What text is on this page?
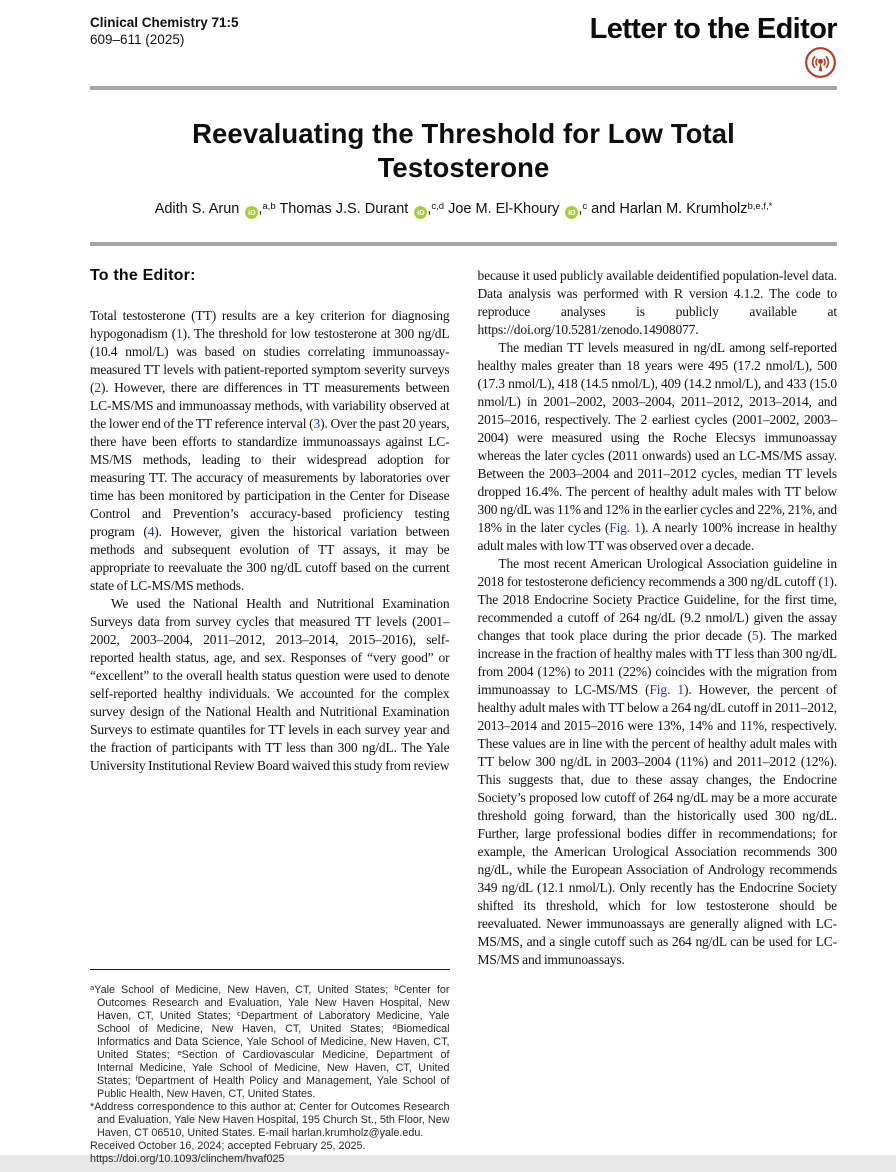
Clinical Chemistry 71:5
609–611 (2025)	Letter to the Editor
Reevaluating the Threshold for Low Total Testosterone
Adith S. Arun iD ,$^{a,b}$ Thomas J.S. Durant iD ,$^{c,d}$ Joe M. El-Khoury iD ,$^c$ and Harlan M. Krumholz$^{b,e,f,*}$
To the Editor:

Total testosterone (TT) results are a key criterion for diagnosing hypogonadism (1). The threshold for low testosterone at 300 ng/dL (10.4 nmol/L) was based on studies correlating immunoassay-measured TT levels with patient-reported symptom severity surveys (2). However, there are differences in TT measurements between LC-MS/MS and immunoassay methods, with variability observed at the lower end of the TT reference interval (3). Over the past 20 years, there have been efforts to standardize immunoassays against LC-MS/MS methods, leading to their widespread adoption for measuring TT. The accuracy of measurements by laboratories over time has been monitored by participation in the Center for Disease Control and Prevention’s accuracy-based proficiency testing program (4). However, given the historical variation between methods and subsequent evolution of TT assays, it may be appropriate to reevaluate the 300 ng/dL cutoff based on the current state of LC-MS/MS methods.

We used the National Health and Nutritional Examination Surveys data from survey cycles that measured TT levels (2001–2002, 2003–2004, 2011–2012, 2013–2014, 2015–2016), self-reported health status, age, and sex. Responses of “very good” or “excellent” to the overall health status question were used to denote self-reported healthy individuals. We accounted for the complex survey design of the National Health and Nutritional Examination Surveys to estimate quantiles for TT levels in each survey year and the fraction of participants with TT less than 300 ng/dL. The Yale University Institutional Review Board waived this study from review

$^a$Yale School of Medicine, New Haven, CT, United States; $^b$Center for Outcomes Research and Evaluation, Yale New Haven Hospital, New Haven, CT, United States; $^c$Department of Laboratory Medicine, Yale School of Medicine, New Haven, CT, United States; $^d$Biomedical Informatics and Data Science, Yale School of Medicine, New Haven, CT, United States; $^e$Section of Cardiovascular Medicine, Department of Internal Medicine, Yale School of Medicine, New Haven, CT, United States; $^f$Department of Health Policy and Management, Yale School of Public Health, New Haven, CT, United States.

*Address correspondence to this author at: Center for Outcomes Research and Evaluation, Yale New Haven Hospital, 195 Church St., 5th Floor, New Haven, CT 06510, United States. E-mail harlan.krumholz@yale.edu.

Received October 16, 2024; accepted February 25, 2025.

https://doi.org/10.1093/clinchem/hvaf025

because it used publicly available deidentified population-level data. Data analysis was performed with R version 4.1.2. The code to reproduce analyses is publicly available at https://doi.org/10.5281/zenodo.14908077.

The median TT levels measured in ng/dL among self-reported healthy males greater than 18 years were 495 (17.2 nmol/L), 500 (17.3 nmol/L), 418 (14.5 nmol/L), 409 (14.2 nmol/L), and 433 (15.0 nmol/L) in 2001–2002, 2003–2004, 2011–2012, 2013–2014, and 2015–2016, respectively. The 2 earliest cycles (2001–2002, 2003–2004) were measured using the Roche Elecsys immunoassay whereas the later cycles (2011 onwards) used an LC-MS/MS assay. Between the 2003–2004 and 2011–2012 cycles, median TT levels dropped 16.4%. The percent of healthy adult males with TT below 300 ng/dL was 11% and 12% in the earlier cycles and 22%, 21%, and 18% in the later cycles (Fig. 1). A nearly 100% increase in healthy adult males with low TT was observed over a decade.

The most recent American Urological Association guideline in 2018 for testosterone deficiency recommends a 300 ng/dL cutoff (1). The 2018 Endocrine Society Practice Guideline, for the first time, recommended a cutoff of 264 ng/dL (9.2 nmol/L) given the assay changes that took place during the prior decade (5). The marked increase in the fraction of healthy males with TT less than 300 ng/dL from 2004 (12%) to 2011 (22%) coincides with the migration from immunoassay to LC-MS/MS (Fig. 1). However, the percent of healthy adult males with TT below a 264 ng/dL cutoff in 2011–2012, 2013–2014 and 2015–2016 were 13%, 14% and 11%, respectively. These values are in line with the percent of healthy adult males with TT below 300 ng/dL in 2003–2004 (11%) and 2011–2012 (12%). This suggests that, due to these assay changes, the Endocrine Society’s proposed low cutoff of 264 ng/dL may be a more accurate threshold going forward, than the historically used 300 ng/dL. Further, large professional bodies differ in recommendations; for example, the American Urological Association recommends 300 ng/dL, while the European Association of Andrology recommends 349 ng/dL (12.1 nmol/L). Only recently has the Endocrine Society shifted its threshold, which for low testosterone should be reevaluated. Newer immunoassays are generally aligned with LC-MS/MS, and a single cutoff such as 264 ng/dL can be used for LC-MS/MS and immunoassays.
